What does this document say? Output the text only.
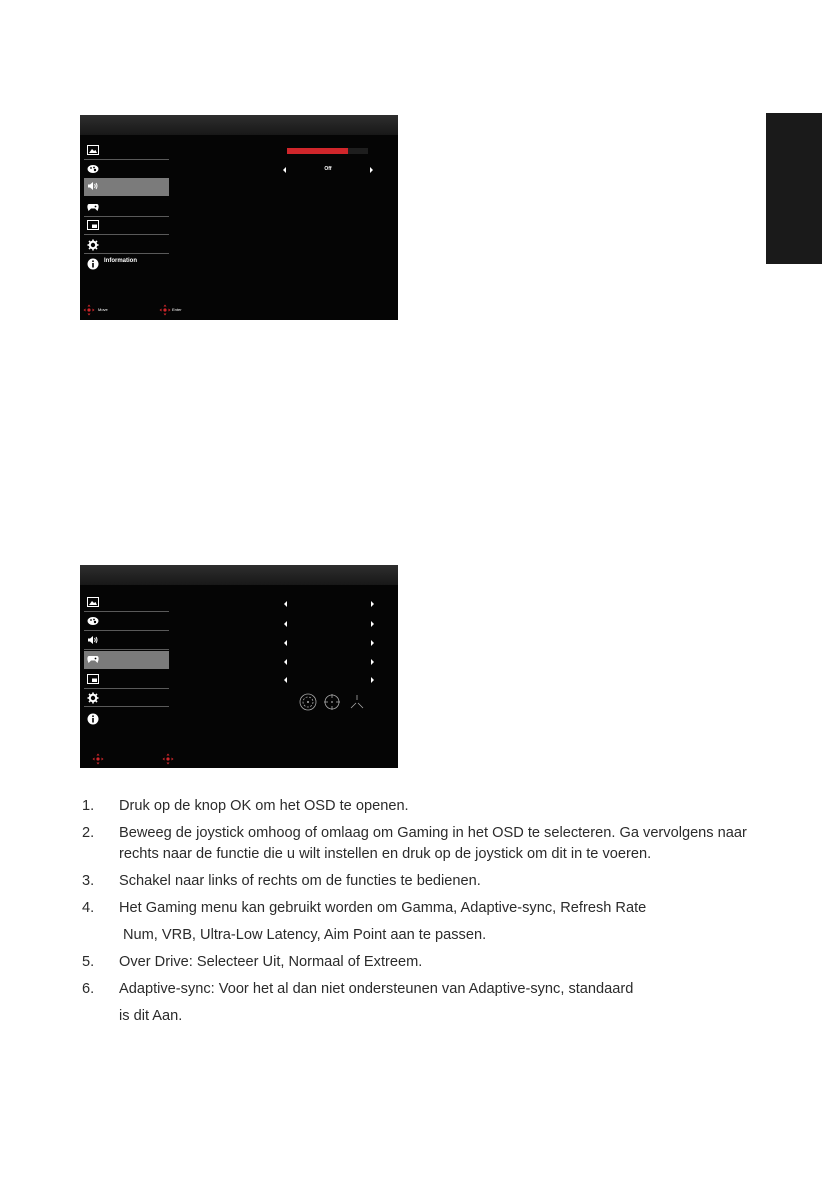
Information
Off
Move	Enter
1. Druk op de knop OK om het OSD te openen.
2. Beweeg de joystick omhoog of omlaag om Gaming in het OSD te selecteren. Ga vervolgens naar rechts naar de functie die u wilt instellen en druk op de joystick om dit in te voeren.
3. Schakel naar links of rechts om de functies te bedienen.
4. Het Gaming menu kan gebruikt worden om Gamma, Adaptive-sync, Refresh Rate
Num, VRB, Ultra-Low Latency, Aim Point aan te passen.
5. Over Drive: Selecteer Uit, Normaal of Extreem.
6. Adaptive-sync: Voor het al dan niet ondersteunen van Adaptive-sync, standaard
is dit Aan.
